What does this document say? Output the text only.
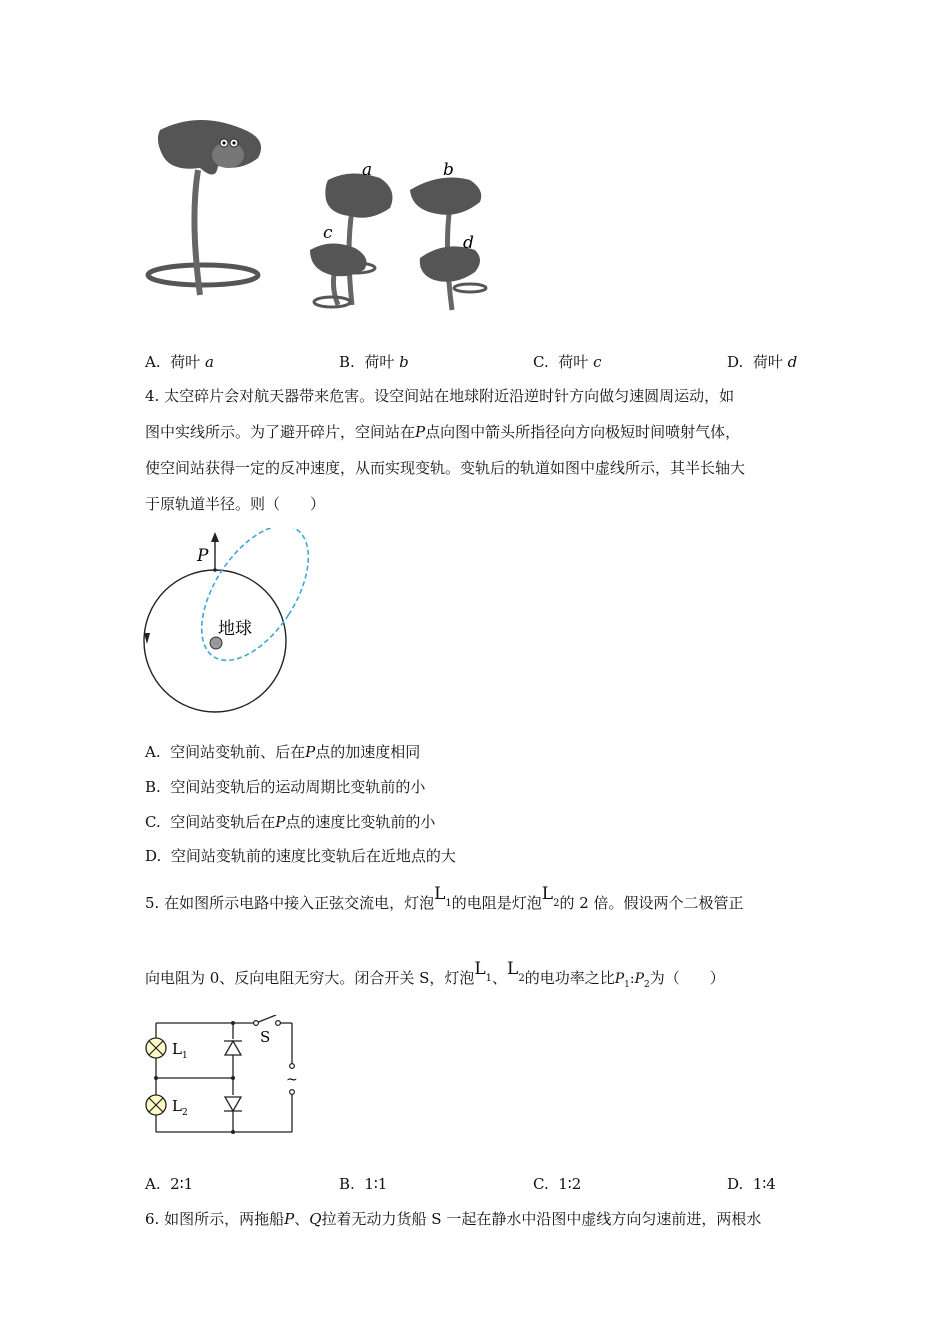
a	b
c	d
A. 荷叶 a	B. 荷叶 b	C. 荷叶 c	D. 荷叶 d
4. 太空碎片会对航天器带来危害。设空间站在地球附近沿逆时针方向做匀速圆周运动，如
图中实线所示。为了避开碎片，空间站在P点向图中箭头所指径向方向极短时间喷射气体，
使空间站获得一定的反冲速度，从而实现变轨。变轨后的轨道如图中虚线所示，其半长轴大
于原轨道半径。则（　　）
P
地球
A. 空间站变轨前、后在P点的加速度相同
B. 空间站变轨后的运动周期比变轨前的小
C. 空间站变轨后在P点的速度比变轨前的小
D. 空间站变轨前的速度比变轨后在近地点的大
5. 在如图所示电路中接入正弦交流电，灯泡$L_1$的电阻是灯泡$L_2$的 2 倍。假设两个二极管正
向电阻为 0、反向电阻无穷大。闭合开关 S，灯泡$L_1$、$L_2$的电功率之比$P_1:P_2$为（　　）
S
~
$L_1$
$L_2$
A. 2∶1	B. 1∶1	C. 1∶2	D. 1∶4
6. 如图所示，两拖船P、Q拉着无动力货船 S 一起在静水中沿图中虚线方向匀速前进，两根水
